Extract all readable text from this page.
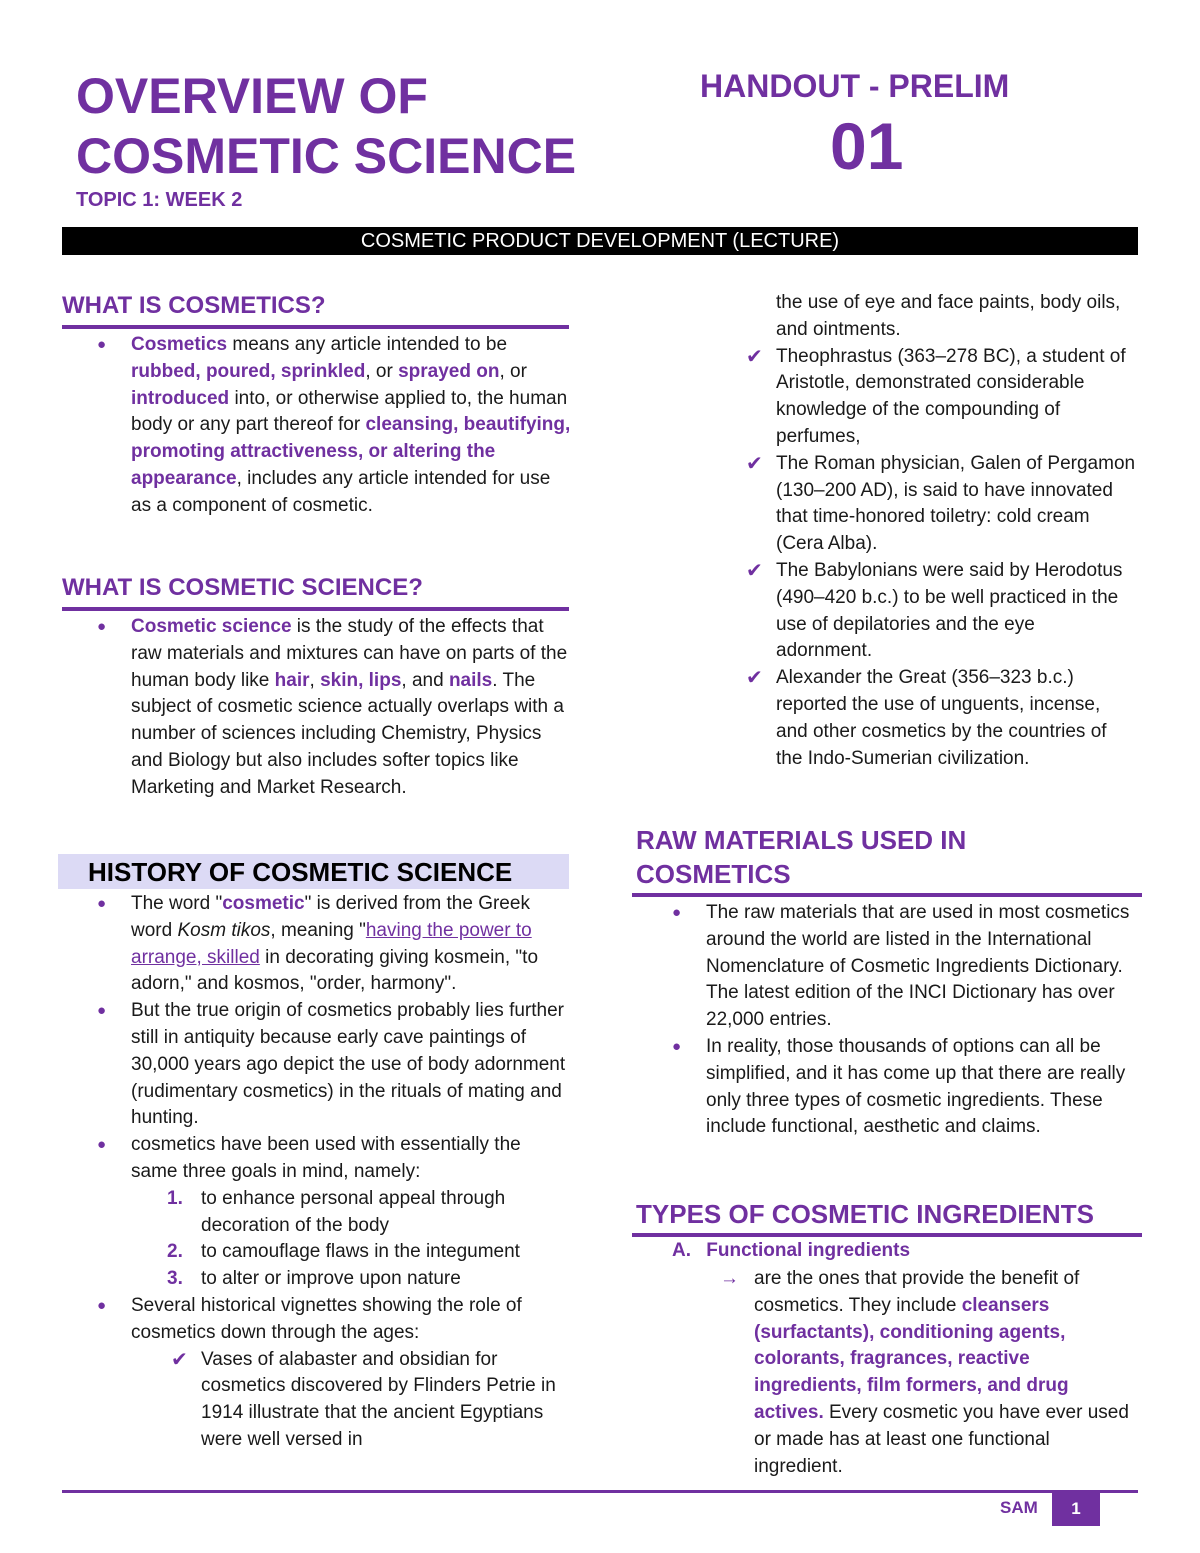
OVERVIEW OF
COSMETIC SCIENCE
TOPIC 1: WEEK 2
HANDOUT - PRELIM
01
COSMETIC PRODUCT DEVELOPMENT (LECTURE)
WHAT IS COSMETICS?
● Cosmetics means any article intended to be rubbed, poured, sprinkled, or sprayed on, or introduced into, or otherwise applied to, the human body or any part thereof for cleansing, beautifying, promoting attractiveness, or altering the appearance, includes any article intended for use as a component of cosmetic.
WHAT IS COSMETIC SCIENCE?
● Cosmetic science is the study of the effects that raw materials and mixtures can have on parts of the human body like hair, skin, lips, and nails. The subject of cosmetic science actually overlaps with a number of sciences including Chemistry, Physics and Biology but also includes softer topics like Marketing and Market Research.
HISTORY OF COSMETIC SCIENCE
● The word "cosmetic" is derived from the Greek word Kosm tikos, meaning "having the power to arrange, skilled in decorating giving kosmein, "to adorn," and kosmos, "order, harmony".
● But the true origin of cosmetics probably lies further still in antiquity because early cave paintings of 30,000 years ago depict the use of body adornment (rudimentary cosmetics) in the rituals of mating and hunting.
● cosmetics have been used with essentially the same three goals in mind, namely:
1. to enhance personal appeal through decoration of the body
2. to camouflage flaws in the integument
3. to alter or improve upon nature
● Several historical vignettes showing the role of cosmetics down through the ages:
✔ Vases of alabaster and obsidian for cosmetics discovered by Flinders Petrie in 1914 illustrate that the ancient Egyptians were well versed in
the use of eye and face paints, body oils, and ointments.
✔ Theophrastus (363–278 BC), a student of Aristotle, demonstrated considerable knowledge of the compounding of perfumes,
✔ The Roman physician, Galen of Pergamon (130–200 AD), is said to have innovated that time-honored toiletry: cold cream (Cera Alba).
✔ The Babylonians were said by Herodotus (490–420 b.c.) to be well practiced in the use of depilatories and the eye adornment.
✔ Alexander the Great (356–323 b.c.) reported the use of unguents, incense, and other cosmetics by the countries of the Indo-Sumerian civilization.
RAW MATERIALS USED IN
COSMETICS
● The raw materials that are used in most cosmetics around the world are listed in the International Nomenclature of Cosmetic Ingredients Dictionary. The latest edition of the INCI Dictionary has over 22,000 entries.
● In reality, those thousands of options can all be simplified, and it has come up that there are really only three types of cosmetic ingredients. These include functional, aesthetic and claims.
TYPES OF COSMETIC INGREDIENTS
A. Functional ingredients
→ are the ones that provide the benefit of cosmetics. They include cleansers (surfactants), conditioning agents, colorants, fragrances, reactive ingredients, film formers, and drug actives. Every cosmetic you have ever used or made has at least one functional ingredient.
SAM	1
